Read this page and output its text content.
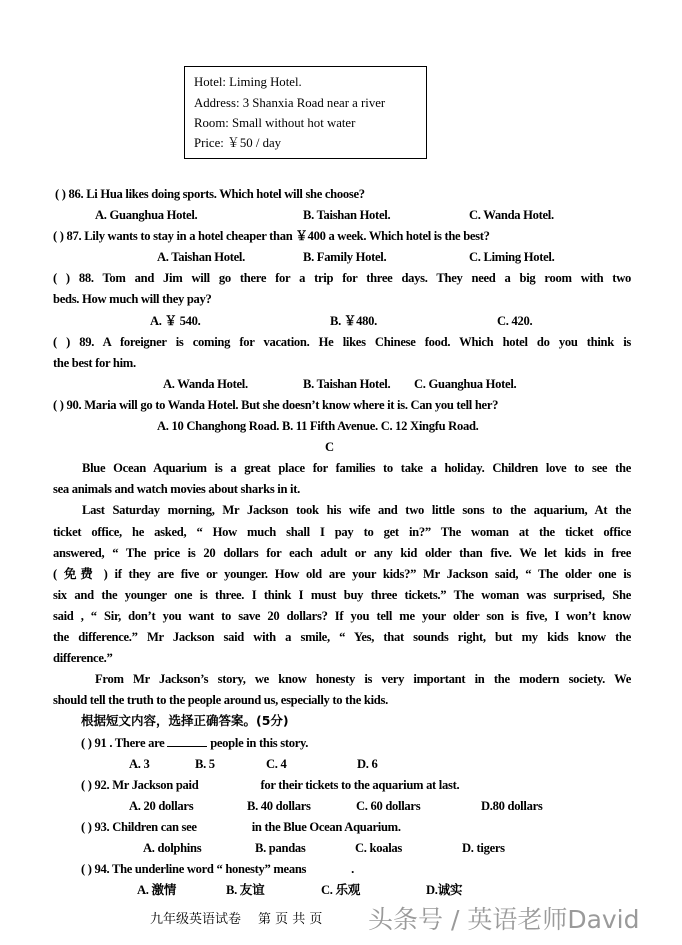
Hotel: Liming Hotel.
Address: 3 Shanxia Road near a river
Room: Small without hot water
Price: ￥50 / day
( ) 86. Li Hua likes doing sports. Which hotel will she choose?
A. Guanghua Hotel.	B. Taishan Hotel.	C. Wanda Hotel.
( ) 87. Lily wants to stay in a hotel cheaper than ￥400 a week. Which hotel is the best?
A. Taishan Hotel.	B. Family Hotel.	C. Liming Hotel.
( ) 88. Tom and Jim will go there for a trip for three days. They need a big room with two
beds. How much will they pay?
A. ￥ 540.	B. ￥480.	C. 420.
( ) 89. A foreigner is coming for vacation. He likes Chinese food. Which hotel do you think is
the best for him.
A. Wanda Hotel.	B. Taishan Hotel. C. Guanghua Hotel.
( ) 90. Maria will go to Wanda Hotel. But she doesn’t know where it is. Can you tell her?
A. 10 Changhong Road. B. 11 Fifth Avenue. C. 12 Xingfu Road.
C
Blue Ocean Aquarium is a great place for families to take a holiday. Children love to see the
sea animals and watch movies about sharks in it.
Last Saturday morning, Mr Jackson took his wife and two little sons to the aquarium, At the
ticket office, he asked, “ How much shall I pay to get in?” The woman at the ticket office
answered, “ The price is 20 dollars for each adult or any kid older than five. We let kids in free
( 免费 ) if they are five or younger. How old are your kids?” Mr Jackson said, “ The older one is
six and the younger one is three. I think I must buy three tickets.” The woman was surprised, She
said , “ Sir, don’t you want to save 20 dollars? If you tell me your older son is five, I won’t know
the difference.” Mr Jackson said with a smile, “ Yes, that sounds right, but my kids know the
difference.”
From Mr Jackson’s story, we know honesty is very important in the modern society. We
should tell the truth to the people around us, especially to the kids.
根据短文内容，选择正确答案。(5分)
( ) 91 . There are	people in this story.
A. 3	B. 5	C. 4	D. 6
( ) 92. Mr Jackson paid	for their tickets to the aquarium at last.
A. 20 dollars	B. 40 dollars	C. 60 dollars	D.80 dollars
( ) 93. Children can see	in the Blue Ocean Aquarium.
A. dolphins	B. pandas	C. koalas	D. tigers
( ) 94. The underline word “ honesty” means	.
A. 激情	B. 友谊	C. 乐观	D.诚实
九年级英语试卷 第 页 共 页 头条号 / 英语老师David
